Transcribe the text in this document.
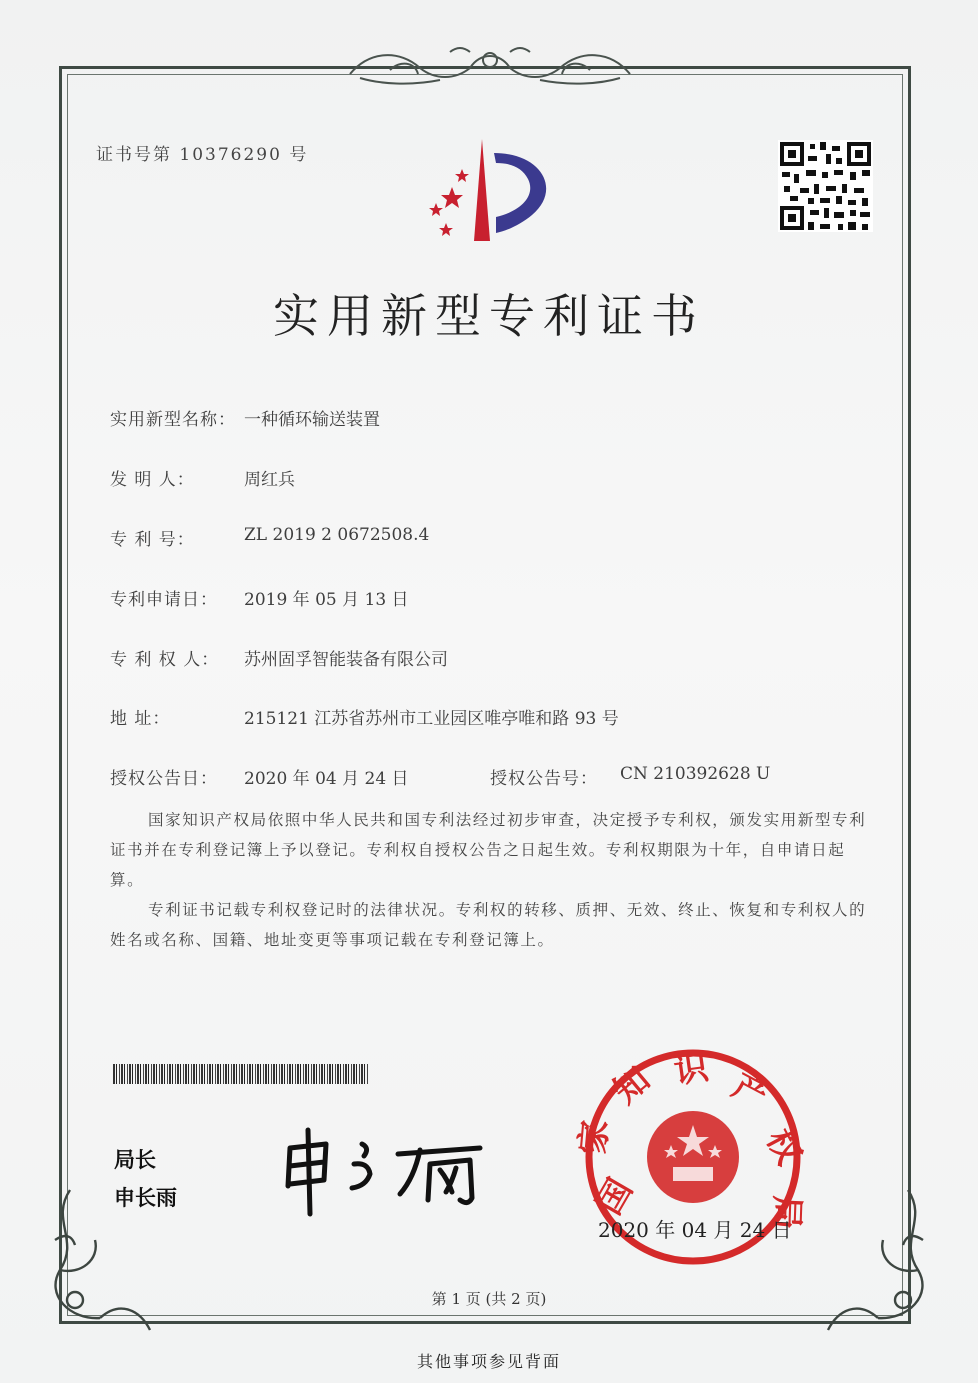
证书号第 10376290 号
实用新型专利证书
实用新型名称： 一种循环输送装置
发 明 人：	周红兵
专 利 号：	ZL 2019 2 0672508.4
专利申请日：	2019 年 05 月 13 日
专 利 权 人：	苏州固孚智能装备有限公司
地 址：	215121 江苏省苏州市工业园区唯亭唯和路 93 号
授权公告日：	2020 年 04 月 24 日	授权公告号：	CN 210392628 U
国家知识产权局依照中华人民共和国专利法经过初步审查，决定授予专利权，颁发实用新型专利证书并在专利登记簿上予以登记。专利权自授权公告之日起生效。专利权期限为十年，自申请日起算。
专利证书记载专利权登记时的法律状况。专利权的转移、质押、无效、终止、恢复和专利权人的姓名或名称、国籍、地址变更等事项记载在专利登记簿上。
局长
申长雨	国
家
知 识 产
权
局
2020 年 04 月 24 日
第 1 页 (共 2 页)
其他事项参见背面
